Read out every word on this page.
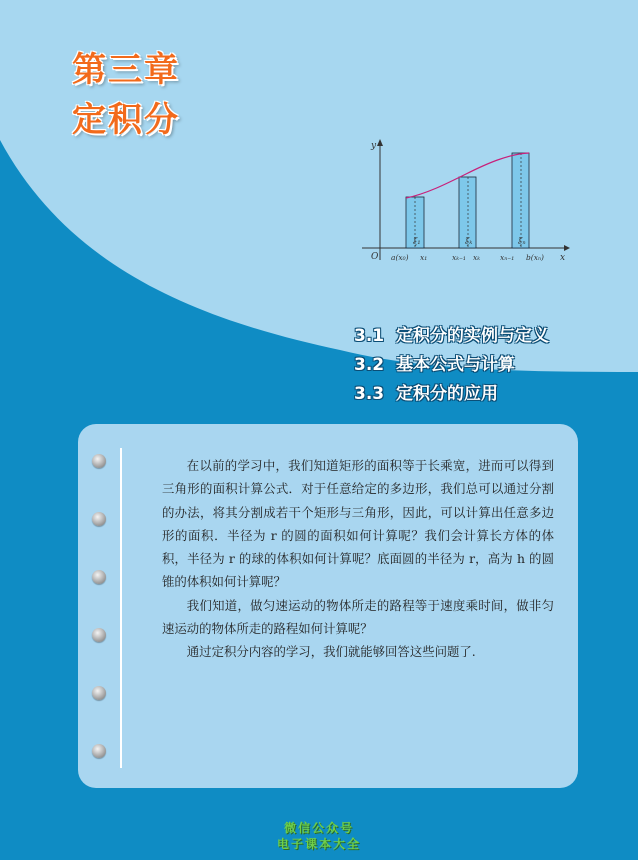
第三章
定积分
y
x
O
ξ₁	ξₖ	ξₙ
a(x₀) x₁	xₖ₋₁ xₖ	xₙ₋₁ b(xₙ)
3.1 定积分的实例与定义
3.2 基本公式与计算
3.3 定积分的应用

在以前的学习中，我们知道矩形的面积等于长乘宽，进而可以得到三角形的面积计算公式．对于任意给定的多边形，我们总可以通过分割的办法，将其分割成若干个矩形与三角形，因此，可以计算出任意多边形的面积．半径为 r 的圆的面积如何计算呢？我们会计算长方体的体积，半径为 r 的球的体积如何计算呢？底面圆的半径为 r，高为 h 的圆锥的体积如何计算呢？

我们知道，做匀速运动的物体所走的路程等于速度乘时间，做非匀速运动的物体所走的路程如何计算呢？

通过定积分内容的学习，我们就能够回答这些问题了.

微信公众号
电子课本大全
